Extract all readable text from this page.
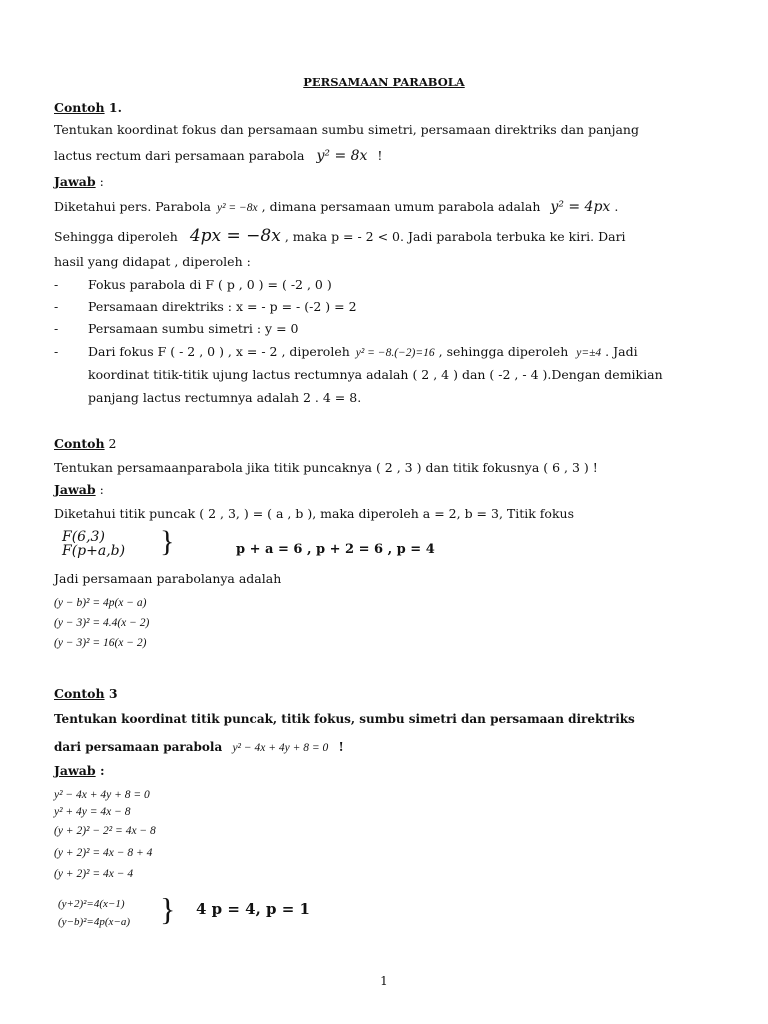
PERSAMAAN PARABOLA
Contoh 1.
Tentukan koordinat fokus dan persamaan sumbu simetri, persamaan direktriks dan panjang
lactus rectum dari persamaan parabola y² = 8x !
Jawab :
Diketahui pers. Parabola y² = −8x , dimana persamaan umum parabola adalah y² = 4px .
Sehingga diperoleh 4px = −8x , maka p = - 2 < 0. Jadi parabola terbuka ke kiri. Dari
hasil yang didapat , diperoleh :
- Fokus parabola di F ( p , 0 ) = ( -2 , 0 )
- Persamaan direktriks : x = - p = - (-2 ) = 2
- Persamaan sumbu simetri : y = 0
- Dari fokus F ( - 2 , 0 ) , x = - 2 , diperoleh y² = −8.(−2)=16 , sehingga diperoleh y=±4 . Jadi
koordinat titik-titik ujung lactus rectumnya adalah ( 2 , 4 ) dan ( -2 , - 4 ).Dengan demikian
panjang lactus rectumnya adalah 2 . 4 = 8.
Contoh 2
Tentukan persamaanparabola jika titik puncaknya ( 2 , 3 ) dan titik fokusnya ( 6 , 3 ) !
Jawab :
Diketahui titik puncak ( 2 , 3, ) = ( a , b ), maka diperoleh a = 2, b = 3, Titik fokus
F(6,3)
F(p+a,b) }	p + a = 6 , p + 2 = 6 , p = 4
Jadi persamaan parabolanya adalah
(y − b)² = 4p(x − a)
(y − 3)² = 4.4(x − 2)
(y − 3)² = 16(x − 2)
Contoh 3
Tentukan koordinat titik puncak, titik fokus, sumbu simetri dan persamaan direktriks
dari persamaan parabola y² − 4x + 4y + 8 = 0 !
Jawab :
y² − 4x + 4y + 8 = 0
y² + 4y = 4x − 8
(y + 2)² − 2² = 4x − 8
(y + 2)² = 4x − 8 + 4
(y + 2)² = 4x − 4
(y+2)²=4(x−1)
(y−b)²=4p(x−a) } 4 p = 4, p = 1
1
